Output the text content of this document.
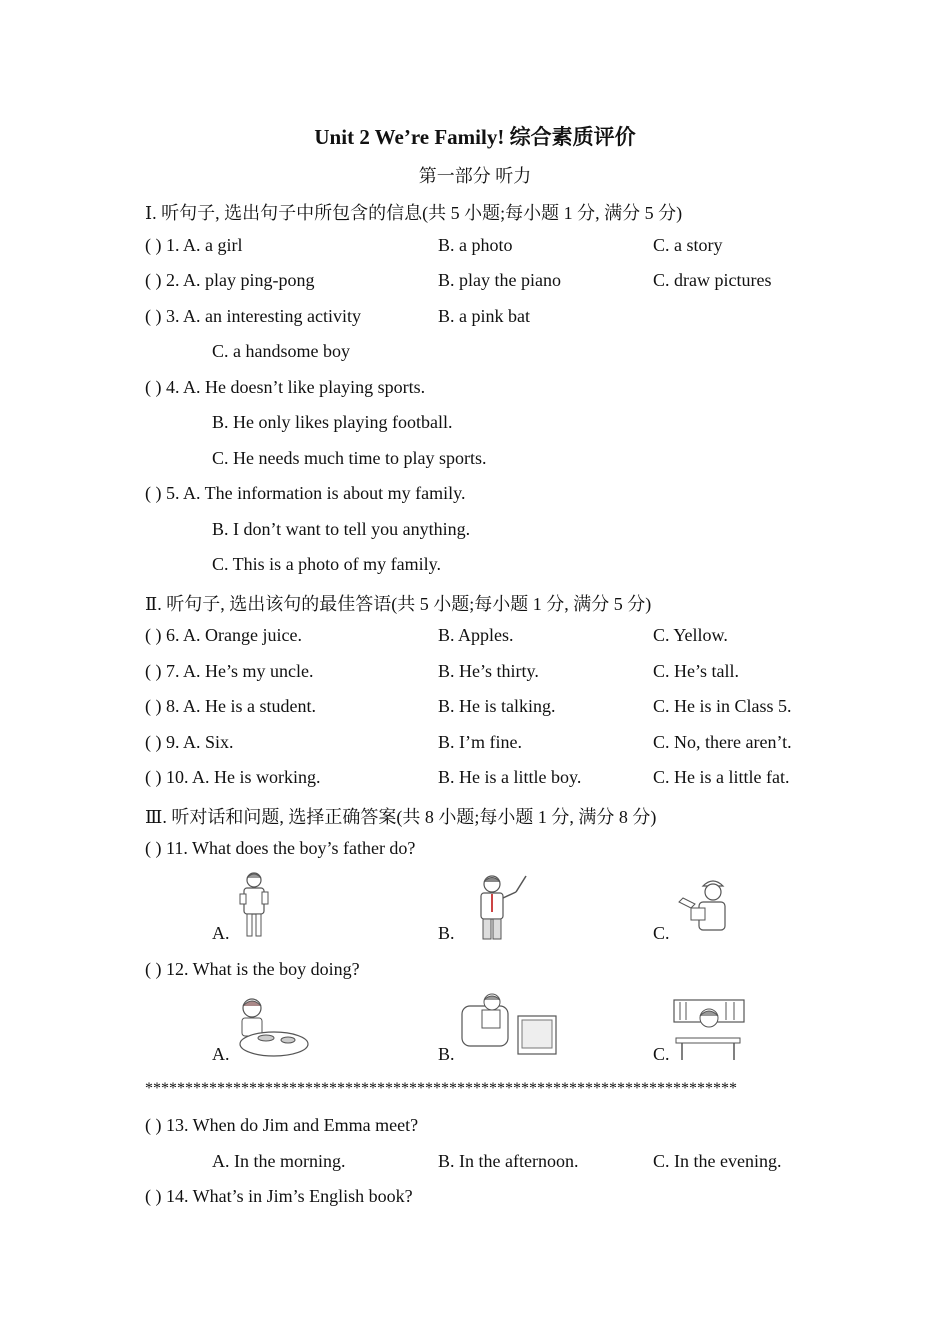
Unit 2 We’re Family! 综合素质评价
第一部分 听力
Ⅰ. 听句子, 选出句子中所包含的信息(共 5 小题;每小题 1 分, 满分 5 分)
( ) 1. A. a girl	B. a photo	C. a story
( ) 2. A. play ping-pong	B. play the piano	C. draw pictures
( ) 3. A. an interesting activity	B. a pink bat
C. a handsome boy
( ) 4. A. He doesn’t like playing sports.
B. He only likes playing football.
C. He needs much time to play sports.
( ) 5. A. The information is about my family.
B. I don’t want to tell you anything.
C. This is a photo of my family.
Ⅱ. 听句子, 选出该句的最佳答语(共 5 小题;每小题 1 分, 满分 5 分)
( ) 6. A. Orange juice.	B. Apples.	C. Yellow.
( ) 7. A. He’s my uncle.	B. He’s thirty.	C. He’s tall.
( ) 8. A. He is a student.	B. He is talking.	C. He is in Class 5.
( ) 9. A. Six.	B. I’m fine.	C. No, there aren’t.
( ) 10. A. He is working.	B. He is a little boy.	C. He is a little fat.
Ⅲ. 听对话和问题, 选择正确答案(共 8 小题;每小题 1 分, 满分 8 分)
( ) 11. What does the boy’s father do?
A.	B.	C.
( ) 12. What is the boy doing?
A.	B.	C.
**************************************************************************
( ) 13. When do Jim and Emma meet?
A. In the morning.	B. In the afternoon.	C. In the evening.
( ) 14. What’s in Jim’s English book?
